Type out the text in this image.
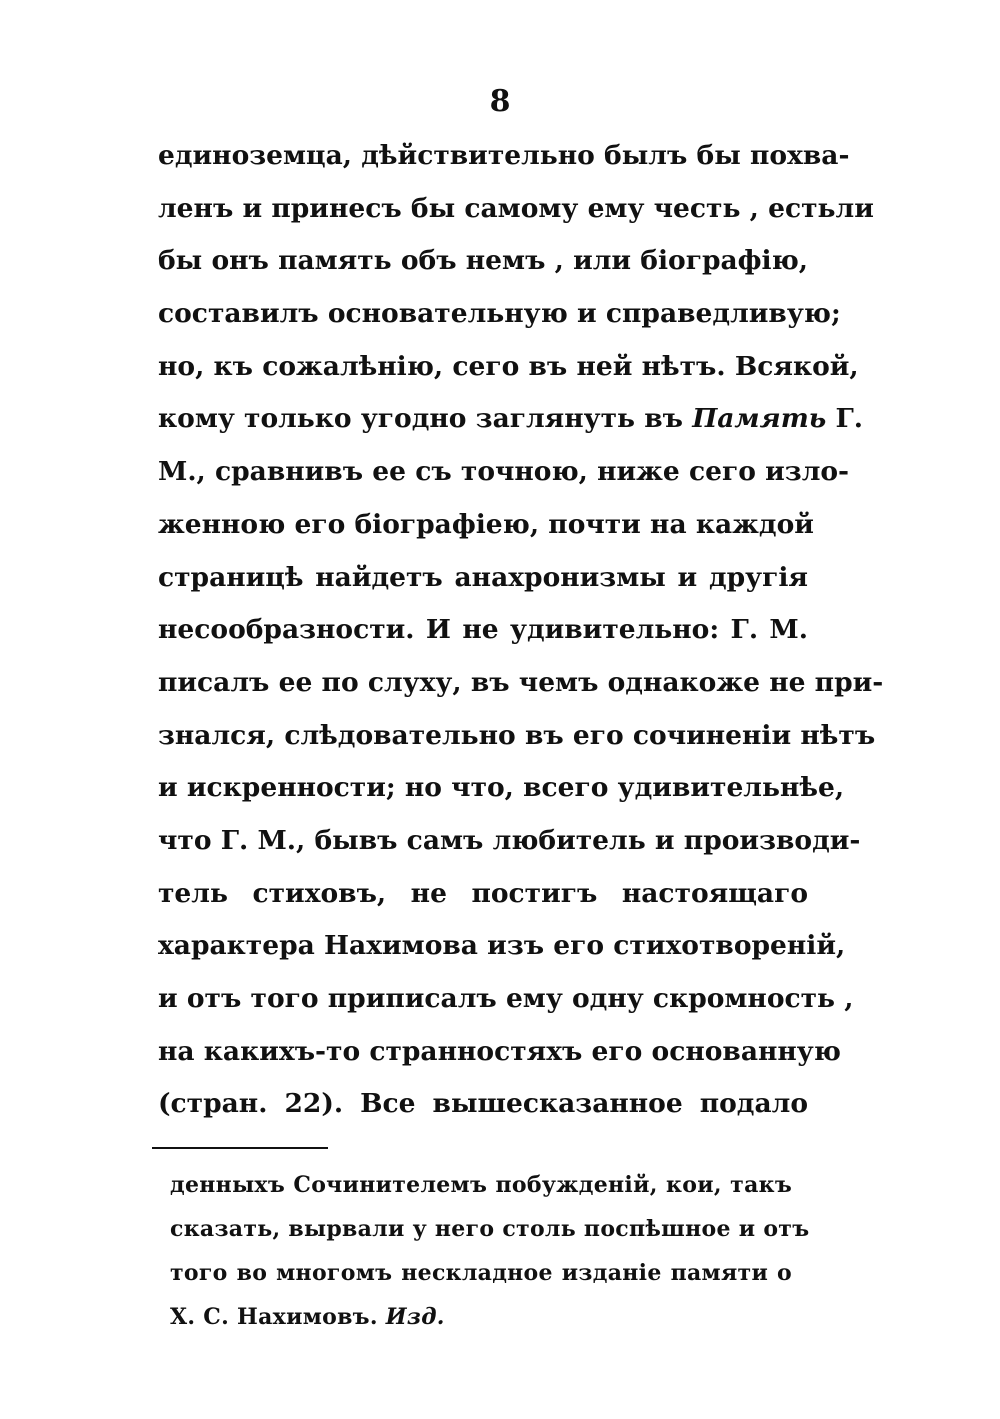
8
единоземца, дѣйствительно былъ бы похва-
ленъ и принесъ бы самому ему честь , естьли
бы онъ память объ немъ , или біографію,
составилъ основательную и справедливую;
но, къ сожалѣнію, сего въ ней нѣтъ. Всякой,
кому только угодно заглянуть въ Память Г.
М., сравнивъ ее съ точною, ниже сего изло-
женною его біографіею, почти на каждой
страницѣ найдетъ анахронизмы и другія
несообразности. И не удивительно: Г. М.
писалъ ее по слуху, въ чемъ однакоже не при-
знался, слѣдовательно въ его сочиненіи нѣтъ
и искренности; но что, всего удивительнѣе,
что Г. М., бывъ самъ любитель и производи-
тель стиховъ, не постигъ настоящаго
характера Нахимова изъ его стихотвореній,
и отъ того приписалъ ему одну скромность ,
на какихъ-то странностяхъ его основанную
(стран. 22). Все вышесказанное подало
денныхъ Сочинителемъ побужденій, кои, такъ
сказать, вырвали у него столь поспѣшное и отъ
того во многомъ нескладное изданіе памяти о
Х. С. Нахимовъ. Изд.
